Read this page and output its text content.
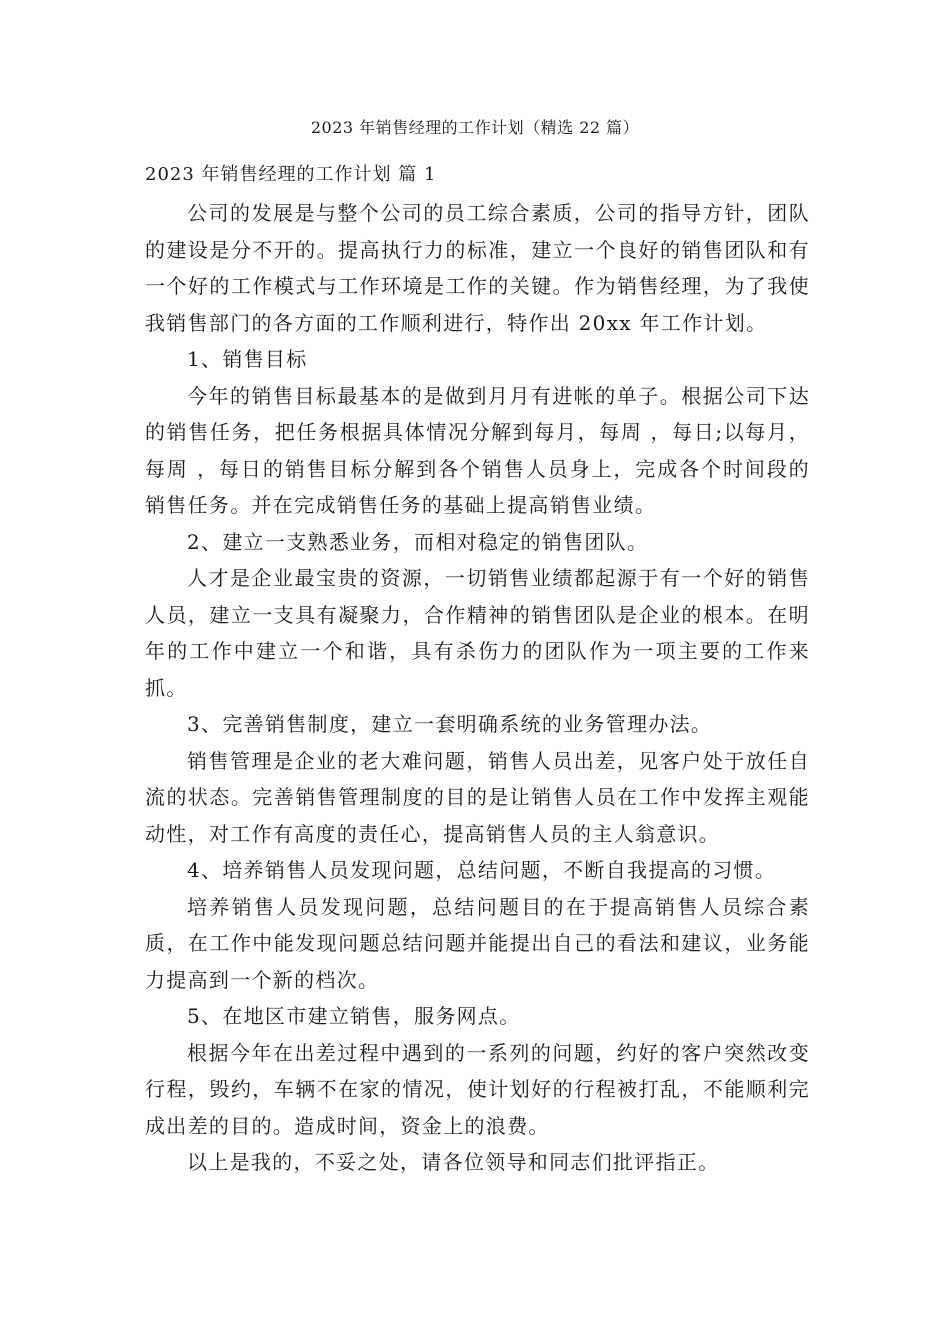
2023 年销售经理的工作计划（精选 22 篇）
2023 年销售经理的工作计划 篇 1

公司的发展是与整个公司的员工综合素质，公司的指导方针，团队的建设是分不开的。提高执行力的标准，建立一个良好的销售团队和有一个好的工作模式与工作环境是工作的关键。作为销售经理，为了我使我销售部门的各方面的工作顺利进行，特作出 20xx 年工作计划。

1、销售目标

今年的销售目标最基本的是做到月月有进帐的单子。根据公司下达的销售任务，把任务根据具体情况分解到每月，每周 ，每日;以每月，每周 ，每日的销售目标分解到各个销售人员身上，完成各个时间段的销售任务。并在完成销售任务的基础上提高销售业绩。

2、建立一支熟悉业务，而相对稳定的销售团队。

人才是企业最宝贵的资源，一切销售业绩都起源于有一个好的销售人员，建立一支具有凝聚力，合作精神的销售团队是企业的根本。在明年的工作中建立一个和谐，具有杀伤力的团队作为一项主要的工作来抓。

3、完善销售制度，建立一套明确系统的业务管理办法。

销售管理是企业的老大难问题，销售人员出差，见客户处于放任自流的状态。完善销售管理制度的目的是让销售人员在工作中发挥主观能动性，对工作有高度的责任心，提高销售人员的主人翁意识。

4、培养销售人员发现问题，总结问题，不断自我提高的习惯。

培养销售人员发现问题，总结问题目的在于提高销售人员综合素质，在工作中能发现问题总结问题并能提出自己的看法和建议，业务能力提高到一个新的档次。

5、在地区市建立销售，服务网点。

根据今年在出差过程中遇到的一系列的问题，约好的客户突然改变行程，毁约，车辆不在家的情况，使计划好的行程被打乱，不能顺利完成出差的目的。造成时间，资金上的浪费。

以上是我的，不妥之处，请各位领导和同志们批评指正。
